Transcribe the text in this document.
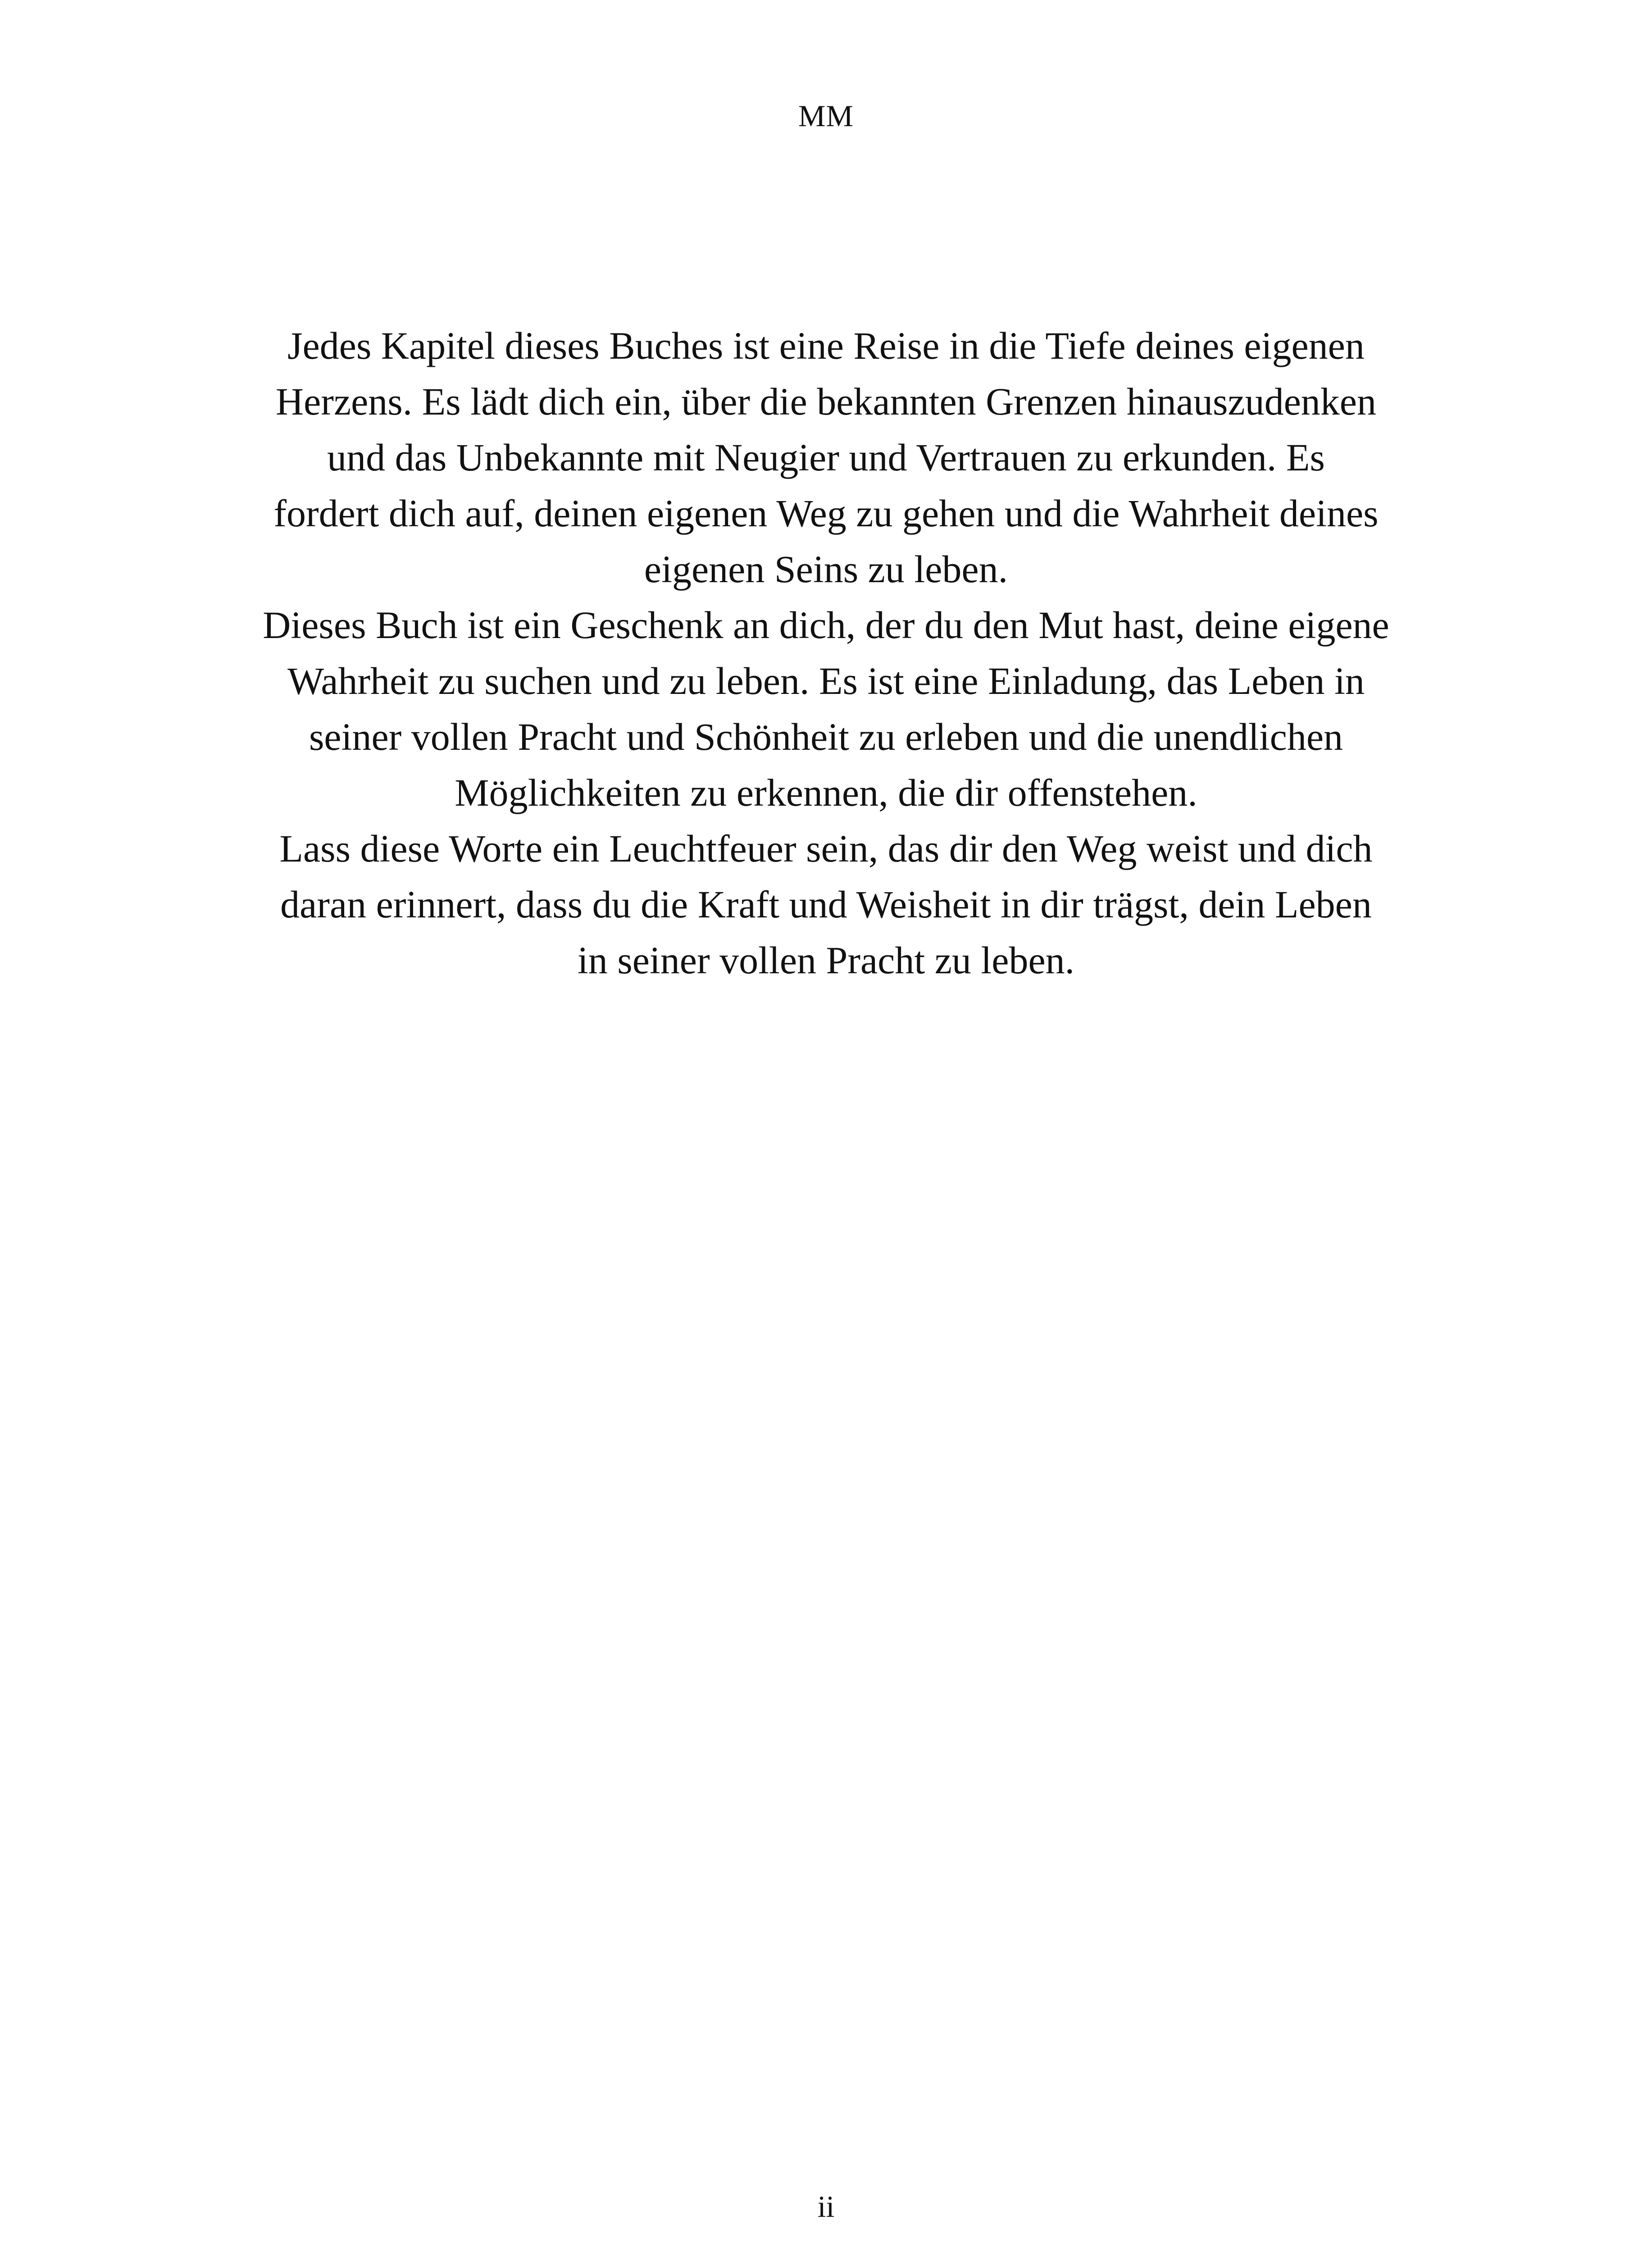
MM
Jedes Kapitel dieses Buches ist eine Reise in die Tiefe deines eigenen
Herzens. Es lädt dich ein, über die bekannten Grenzen hinauszudenken
und das Unbekannte mit Neugier und Vertrauen zu erkunden. Es
fordert dich auf, deinen eigenen Weg zu gehen und die Wahrheit deines
eigenen Seins zu leben.
Dieses Buch ist ein Geschenk an dich, der du den Mut hast, deine eigene
Wahrheit zu suchen und zu leben. Es ist eine Einladung, das Leben in
seiner vollen Pracht und Schönheit zu erleben und die unendlichen
Möglichkeiten zu erkennen, die dir offenstehen.
Lass diese Worte ein Leuchtfeuer sein, das dir den Weg weist und dich
daran erinnert, dass du die Kraft und Weisheit in dir trägst, dein Leben
in seiner vollen Pracht zu leben.
ii
